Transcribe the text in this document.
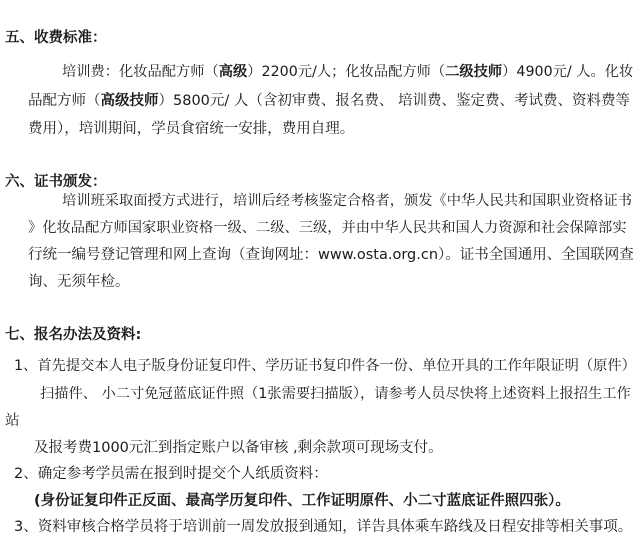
五、收费标准：
培训费：化妆品配方师（高级）2200元/人；化妆品配方师（二级技师）4900元/ 人。化妆
品配方师（高级技师）5800元/ 人（含初审费、报名费、 培训费、鉴定费、考试费、资料费等
费用），培训期间，学员食宿统一安排，费用自理。
六、证书颁发：
培训班采取面授方式进行，培训后经考核鉴定合格者，颁发《中华人民共和国职业资格证书
》化妆品配方师国家职业资格一级、二级、三级，并由中华人民共和国人力资源和社会保障部实
行统一编号登记管理和网上查询（查询网址：www.osta.org.cn）。证书全国通用、全国联网查
询、无须年检。
七、报名办法及资料:
1、首先提交本人电子版身份证复印件、学历证书复印件各一份、单位开具的工作年限证明（原件）
扫描件、 小二寸免冠蓝底证件照（1张需要扫描版），请参考人员尽快将上述资料上报招生工作
站
及报考费1000元汇到指定账户以备审核 ,剩余款项可现场支付。
2、确定参考学员需在报到时提交个人纸质资料：
(身份证复印件正反面、最高学历复印件、工作证明原件、小二寸蓝底证件照四张）。
3、资料审核合格学员将于培训前一周发放报到通知，详告具体乘车路线及日程安排等相关事项。
